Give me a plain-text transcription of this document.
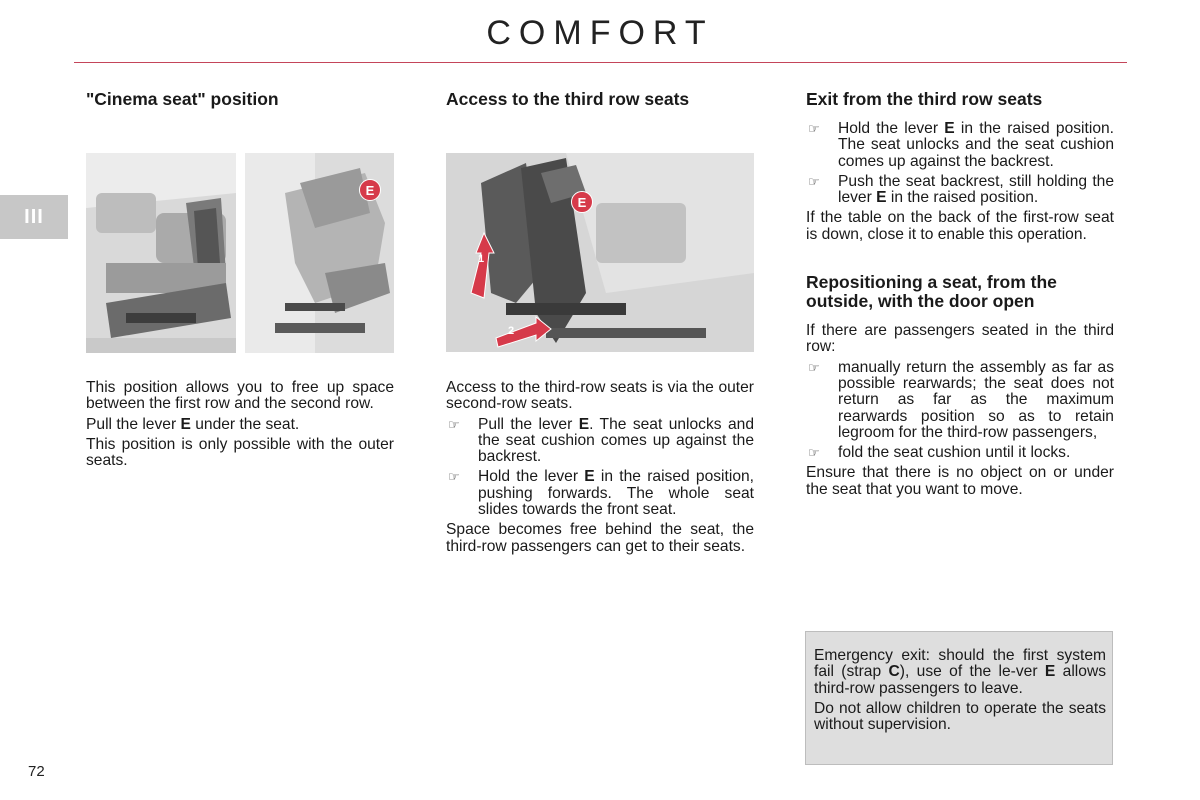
COMFORT
III
"Cinema seat" position
E

This position allows you to free up space between the first row and the second row.

Pull the lever E under the seat.

This position is only possible with the outer seats.

Access to the third row seats
1
2
E

Access to the third-row seats is via the outer second-row seats.

☞	Pull the lever E. The seat unlocks and the seat cushion comes up against the backrest.
☞	Hold the lever E in the raised position, pushing forwards. The whole seat slides towards the front seat.

Space becomes free behind the seat, the third-row passengers can get to their seats.

Exit from the third row seats
☞	Hold the lever E in the raised position. The seat unlocks and the seat cushion comes up against the backrest.
☞	Push the seat backrest, still holding the lever E in the raised position.

If the table on the back of the first-row seat is down, close it to enable this operation.

Repositioning a seat, from the outside, with the door open

If there are passengers seated in the third row:

☞	manually return the assembly as far as possible rearwards; the seat does not return as far as the maximum rearwards position so as to retain legroom for the third-row passengers,
☞	fold the seat cushion until it locks.

Ensure that there is no object on or under the seat that you want to move.

Emergency exit: should the first system fail (strap C), use of the le-ver E allows third-row passengers to leave.

Do not allow children to operate the seats without supervision.

72
